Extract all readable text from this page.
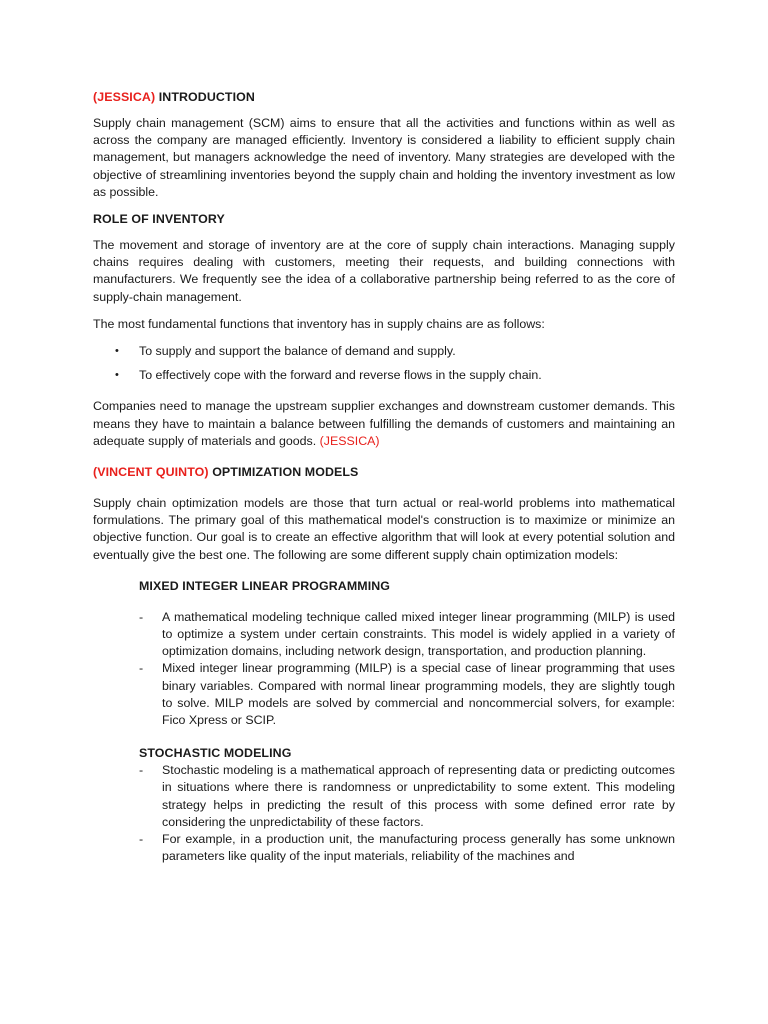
(JESSICA) INTRODUCTION

Supply chain management (SCM) aims to ensure that all the activities and functions within as well as across the company are managed efficiently. Inventory is considered a liability to efficient supply chain management, but managers acknowledge the need of inventory. Many strategies are developed with the objective of streamlining inventories beyond the supply chain and holding the inventory investment as low as possible.

ROLE OF INVENTORY

The movement and storage of inventory are at the core of supply chain interactions. Managing supply chains requires dealing with customers, meeting their requests, and building connections with manufacturers. We frequently see the idea of a collaborative partnership being referred to as the core of supply-chain management.

The most fundamental functions that inventory has in supply chains are as follows:

• To supply and support the balance of demand and supply.
• To effectively cope with the forward and reverse flows in the supply chain.

Companies need to manage the upstream supplier exchanges and downstream customer demands. This means they have to maintain a balance between fulfilling the demands of customers and maintaining an adequate supply of materials and goods. (JESSICA)

(VINCENT QUINTO) OPTIMIZATION MODELS

Supply chain optimization models are those that turn actual or real-world problems into mathematical formulations. The primary goal of this mathematical model's construction is to maximize or minimize an objective function. Our goal is to create an effective algorithm that will look at every potential solution and eventually give the best one. The following are some different supply chain optimization models:

MIXED INTEGER LINEAR PROGRAMMING
- A mathematical modeling technique called mixed integer linear programming (MILP) is used to optimize a system under certain constraints. This model is widely applied in a variety of optimization domains, including network design, transportation, and production planning.
- Mixed integer linear programming (MILP) is a special case of linear programming that uses binary variables. Compared with normal linear programming models, they are slightly tough to solve. MILP models are solved by commercial and noncommercial solvers, for example: Fico Xpress or SCIP.
STOCHASTIC MODELING
- Stochastic modeling is a mathematical approach of representing data or predicting outcomes in situations where there is randomness or unpredictability to some extent. This modeling strategy helps in predicting the result of this process with some defined error rate by considering the unpredictability of these factors.
- For example, in a production unit, the manufacturing process generally has some unknown parameters like quality of the input materials, reliability of the machines and
